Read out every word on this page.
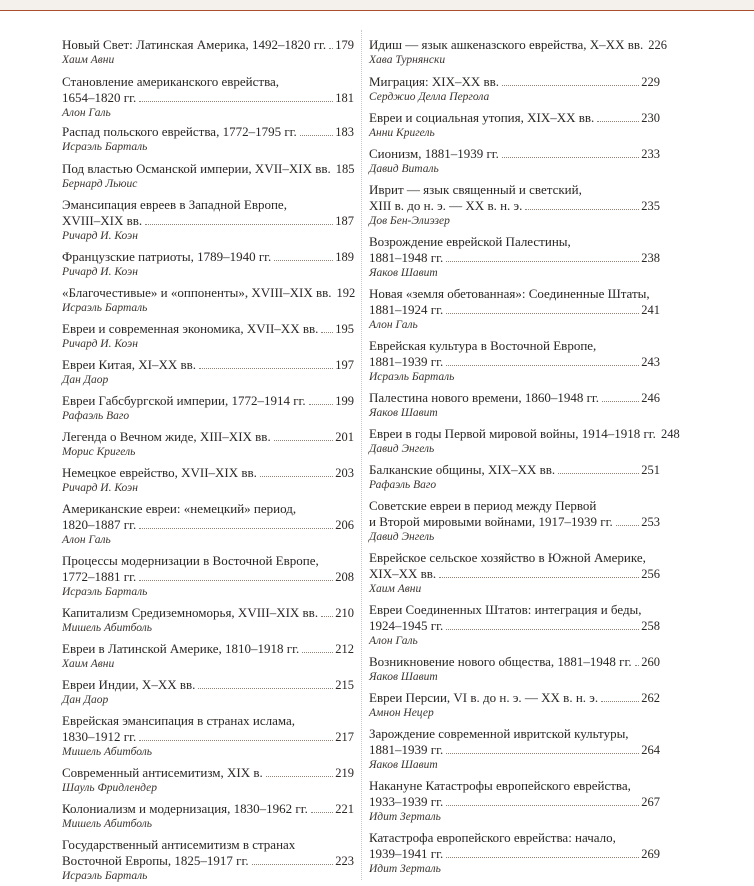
Новый Свет: Латинская Америка, 1492–1820 гг. 179
Хаим Авни
Становление американского еврейства,
1654–1820 гг.	181
Алон Галь
Распад польского еврейства, 1772–1795 гг.	183
Исраэль Барталь
Под властью Османской империи, XVII–XIX вв. 185
Бернард Льюис
Эмансипация евреев в Западной Европе,
XVIII–XIX вв.	187
Ричард И. Коэн
Французские патриоты, 1789–1940 гг.	189
Ричард И. Коэн
«Благочестивые» и «оппоненты», XVIII–XIX вв. 192
Исраэль Барталь
Евреи и современная экономика, XVII–XX вв. 195
Ричард И. Коэн
Евреи Китая, XI–XX вв.	197
Дан Даор
Евреи Габсбургской империи, 1772–1914 гг. 199
Рафаэль Ваго
Легенда о Вечном жиде, XIII–XIX вв.	201
Морис Кригель
Немецкое еврейство, XVII–XIX вв.	203
Ричард И. Коэн
Американские евреи: «немецкий» период,
1820–1887 гг.	206
Алон Галь
Процессы модернизации в Восточной Европе,
1772–1881 гг.	208
Исраэль Барталь
Капитализм Средиземноморья, XVIII–XIX вв. 210
Мишель Абитболь
Евреи в Латинской Америке, 1810–1918 гг.	212
Хаим Авни
Евреи Индии, X–XX вв.	215
Дан Даор
Еврейская эмансипация в странах ислама,
1830–1912 гг.	217
Мишель Абитболь
Современный антисемитизм, XIX в.	219
Шауль Фридлендер
Колониализм и модернизация, 1830–1962 гг. 221
Мишель Абитболь
Государственный антисемитизм в странах
Восточной Европы, 1825–1917 гг.	223
Исраэль Барталь
Идиш — язык ашкеназского еврейства, X–XX вв. 226
Хава Турнянски
Миграция: XIX–XX вв.	229
Серджио Делла Пергола
Евреи и социальная утопия, XIX–XX вв.	230
Анни Кригель
Сионизм, 1881–1939 гг.	233
Давид Виталь
Иврит — язык священный и светский,
XIII в. до н. э. — XX в. н. э.	235
Дов Бен-Элиэзер
Возрождение еврейской Палестины,
1881–1948 гг.	238
Яаков Шавит
Новая «земля обетованная»: Соединенные Штаты,
1881–1924 гг.	241
Алон Галь
Еврейская культура в Восточной Европе,
1881–1939 гг.	243
Исраэль Барталь
Палестина нового времени, 1860–1948 гг.	246
Яаков Шавит
Евреи в годы Первой мировой войны, 1914–1918 гг. 248
Давид Энгель
Балканские общины, XIX–XX вв.	251
Рафаэль Ваго
Советские евреи в период между Первой
и Второй мировыми войнами, 1917–1939 гг. 253
Давид Энгель
Еврейское сельское хозяйство в Южной Америке,
XIX–XX вв.	256
Хаим Авни
Евреи Соединенных Штатов: интеграция и беды,
1924–1945 гг.	258
Алон Галь
Возникновение нового общества, 1881–1948 гг. 260
Яаков Шавит
Евреи Персии, VI в. до н. э. — XX в. н. э.	262
Амнон Нецер
Зарождение современной ивритской культуры,
1881–1939 гг.	264
Яаков Шавит
Накануне Катастрофы европейского еврейства,
1933–1939 гг.	267
Идит Зерталь
Катастрофа европейского еврейства: начало,
1939–1941 гг.	269
Идит Зерталь
